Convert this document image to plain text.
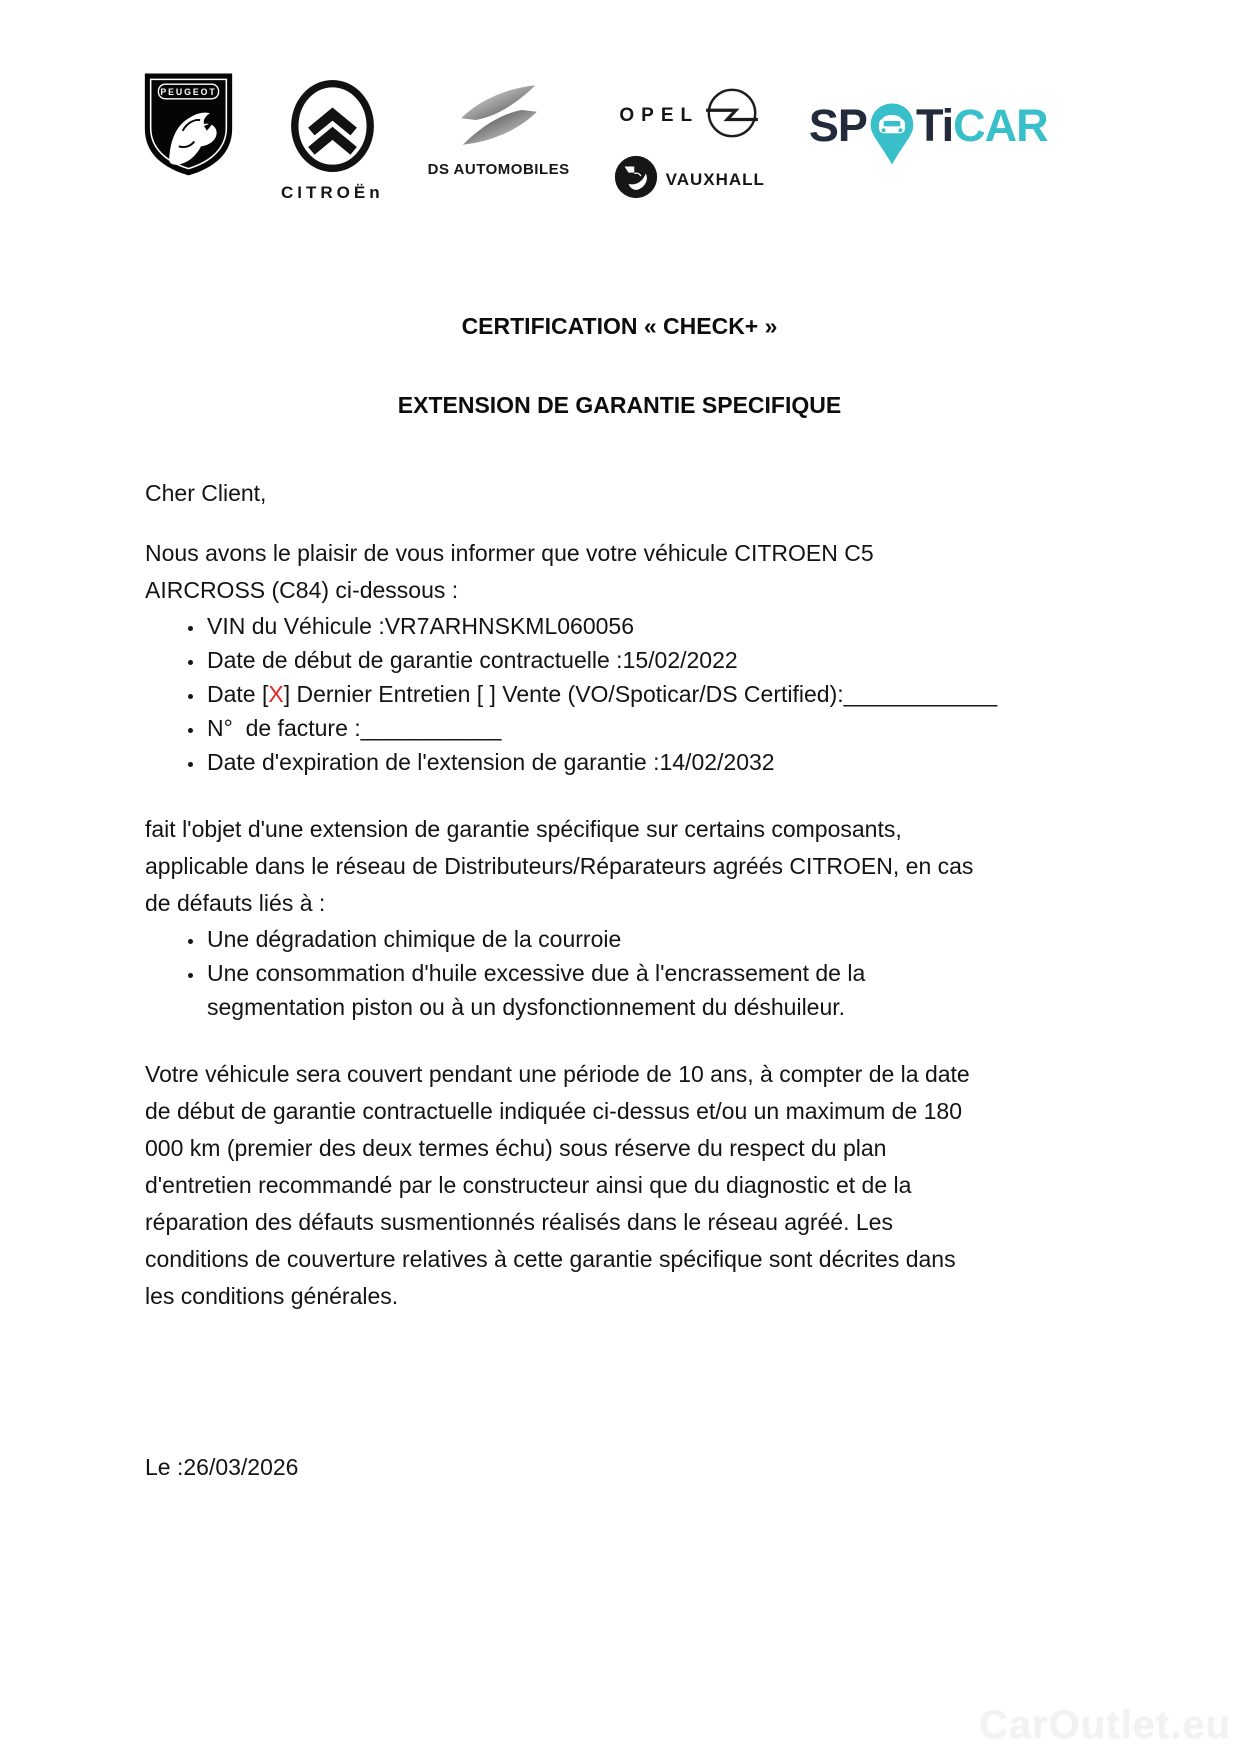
PEUGEOT
CITROËn
DS AUTOMOBILES
OPEL
VAUXHALL
SP Ti CAR
CERTIFICATION « CHECK+ »
EXTENSION DE GARANTIE SPECIFIQUE
Cher Client,
Nous avons le plaisir de vous informer que votre véhicule CITROEN C5
AIRCROSS (C84) ci-dessous :
• VIN du Véhicule :VR7ARHNSKML060056
• Date de début de garantie contractuelle :15/02/2022
• Date [X] Dernier Entretien [ ] Vente (VO/Spoticar/DS Certified):____________
• N°  de facture :___________
• Date d'expiration de l'extension de garantie :14/02/2032
fait l'objet d'une extension de garantie spécifique sur certains composants,
applicable dans le réseau de Distributeurs/Réparateurs agréés CITROEN, en cas
de défauts liés à :
• Une dégradation chimique de la courroie
• Une consommation d'huile excessive due à l'encrassement de la
segmentation piston ou à un dysfonctionnement du déshuileur.
Votre véhicule sera couvert pendant une période de 10 ans, à compter de la date
de début de garantie contractuelle indiquée ci-dessus et/ou un maximum de 180
000 km (premier des deux termes échu) sous réserve du respect du plan
d'entretien recommandé par le constructeur ainsi que du diagnostic et de la
réparation des défauts susmentionnés réalisés dans le réseau agréé. Les
conditions de couverture relatives à cette garantie spécifique sont décrites dans
les conditions générales.
Le :26/03/2026
CarOutlet.eu
